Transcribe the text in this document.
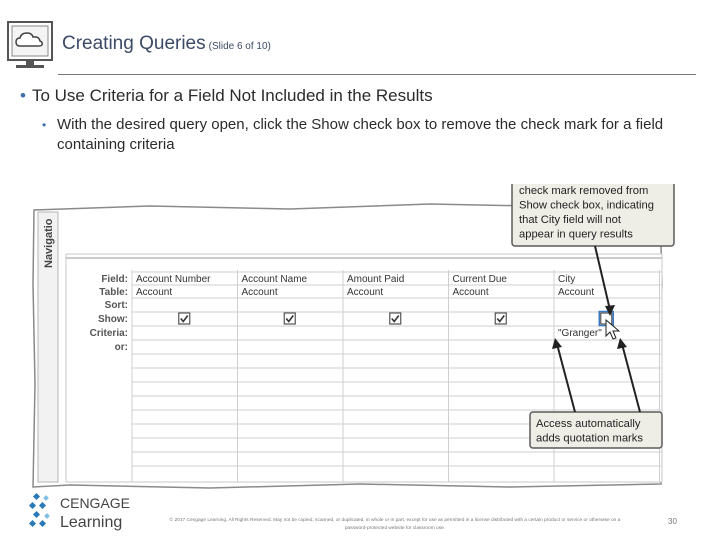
Creating Queries (Slide 6 of 10)
• To Use Criteria for a Field Not Included in the Results
• With the desired query open, click the Show check box to remove the check mark for a field containing criteria
Navigatio
Field:
Table:
Sort:
Show:
Criteria:
or:
Account Number
Account
Account Name
Account
Amount Paid
Account
Current Due
Account
City
Account
"Granger"
check mark removed from Show check box, indicating that City field will not appear in query results
Access automatically adds quotation marks
CENGAGE
Learning	© 2017 Cengage Learning. All Rights Reserved. May not be copied, scanned, or duplicated, in whole or in part, except for use as permitted in a license distributed with a certain product or service or otherwise on a
password-protected website for classroom use.
30
